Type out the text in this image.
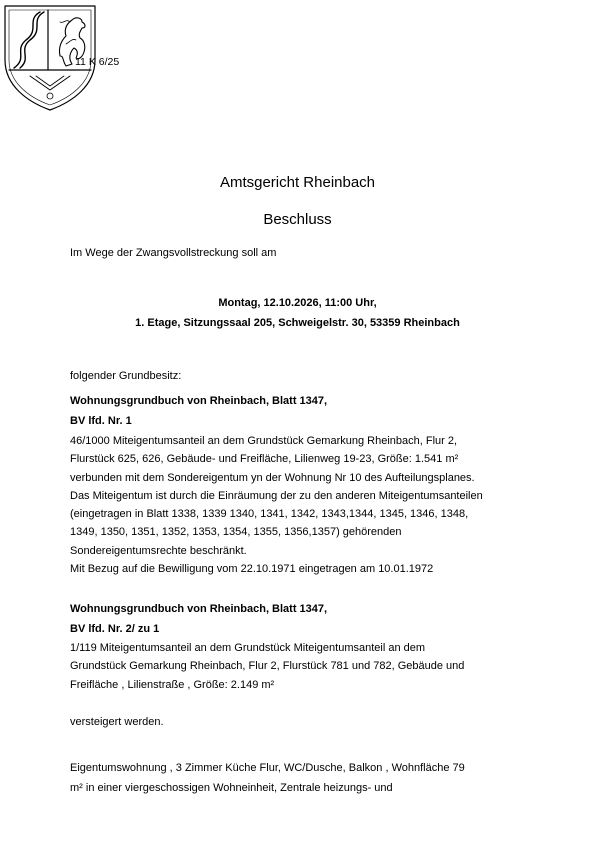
11 K 6/25
Amtsgericht Rheinbach
Beschluss
Im Wege der Zwangsvollstreckung soll am
Montag, 12.10.2026, 11:00 Uhr,
1. Etage, Sitzungssaal 205, Schweigelstr. 30, 53359 Rheinbach
folgender Grundbesitz:
Wohnungsgrundbuch von Rheinbach, Blatt 1347,
BV lfd. Nr. 1
46/1000 Miteigentumsanteil an dem Grundstück Gemarkung Rheinbach, Flur 2,
Flurstück 625, 626, Gebäude- und Freifläche, Lilienweg 19-23, Größe: 1.541 m²
verbunden mit dem Sondereigentum yn der Wohnung Nr 10 des Aufteilungsplanes.
Das Miteigentum ist durch die Einräumung der zu den anderen Miteigentumsanteilen
(eingetragen in Blatt 1338, 1339 1340, 1341, 1342, 1343,1344, 1345, 1346, 1348,
1349, 1350, 1351, 1352, 1353, 1354, 1355, 1356,1357) gehörenden
Sondereigentumsrechte beschränkt.
Mit Bezug auf die Bewilligung vom 22.10.1971 eingetragen am 10.01.1972
Wohnungsgrundbuch von Rheinbach, Blatt 1347,
BV lfd. Nr. 2/ zu 1
1/119 Miteigentumsanteil an dem Grundstück Miteigentumsanteil an dem
Grundstück Gemarkung Rheinbach, Flur 2, Flurstück 781 und 782, Gebäude und
Freifläche , Lilienstraße , Größe: 2.149 m²
versteigert werden.
Eigentumswohnung , 3 Zimmer Küche Flur, WC/Dusche, Balkon , Wohnfläche 79
m² in einer viergeschossigen Wohneinheit, Zentrale heizungs- und
